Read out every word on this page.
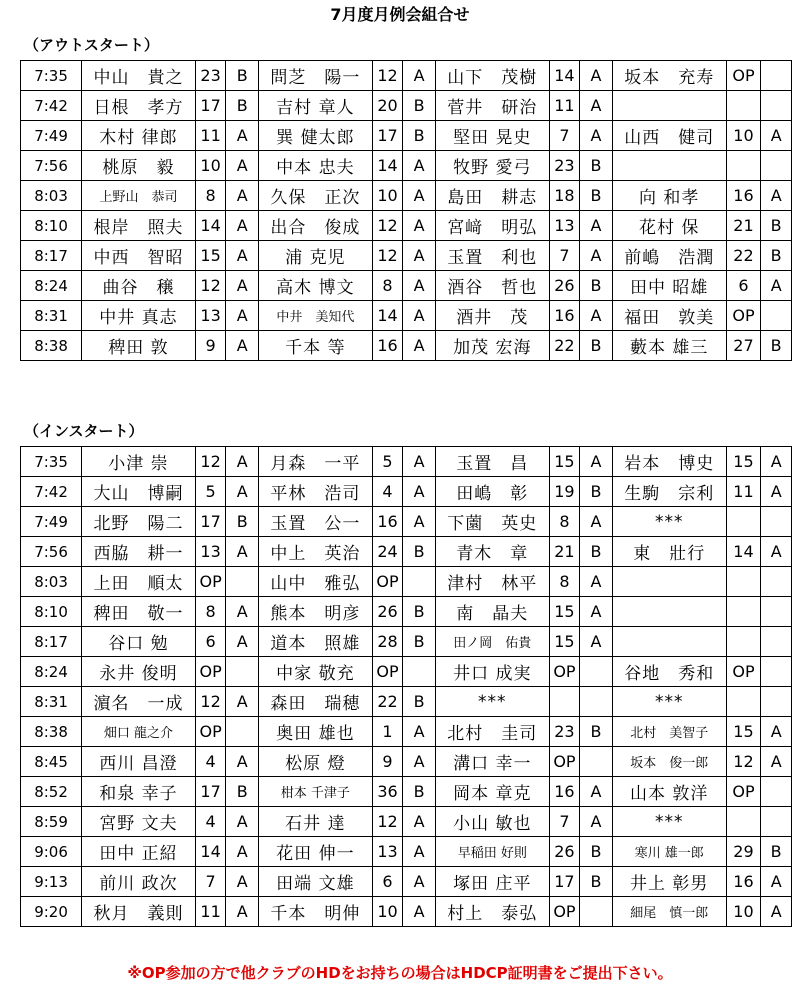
7月度月例会組合せ
（アウトスタート）
7:35	中山　貴之	23	B	問芝　陽一	12	A	山下　茂樹	14	A	坂本　充寿	OP	
7:42	日根　孝方	17	B	吉村 章人	20	B	菅井　研治	11	A			
7:49	木村 律郎	11	A	巽 健太郎	17	B	堅田 晃史	7	A	山西　健司	10	A
7:56	桃原　毅	10	A	中本 忠夫	14	A	牧野 愛弓	23	B			
8:03	上野山　恭司	8	A	久保　正次	10	A	島田　耕志	18	B	向 和孝	16	A
8:10	根岸　照夫	14	A	出合　俊成	12	A	宮﨑　明弘	13	A	花村 保	21	B
8:17	中西　智昭	15	A	浦 克児	12	A	玉置　利也	7	A	前嶋　浩潤	22	B
8:24	曲谷　穣	12	A	高木 博文	8	A	酒谷　哲也	26	B	田中 昭雄	6	A
8:31	中井 真志	13	A	中井　美知代	14	A	酒井　茂	16	A	福田　敦美	OP	
8:38	稗田 敦	9	A	千本 等	16	A	加茂 宏海	22	B	藪本 雄三	27	B
（インスタート）
7:35	小津 崇	12	A	月森　一平	5	A	玉置　昌	15	A	岩本　博史	15	A
7:42	大山　博嗣	5	A	平林　浩司	4	A	田嶋　彰	19	B	生駒　宗利	11	A
7:49	北野　陽二	17	B	玉置　公一	16	A	下薗　英史	8	A	***		
7:56	西脇　耕一	13	A	中上　英治	24	B	青木　章	21	B	東　壯行	14	A
8:03	上田　順太	OP		山中　雅弘	OP		津村　林平	8	A			
8:10	稗田　敬一	8	A	熊本　明彦	26	B	南　晶夫	15	A			
8:17	谷口 勉	6	A	道本　照雄	28	B	田ノ岡　佑貴	15	A			
8:24	永井 俊明	OP		中家 敬充	OP		井口 成実	OP		谷地　秀和	OP	
8:31	濵名　一成	12	A	森田　瑞穂	22	B	***			***		
8:38	畑口 龍之介	OP		奥田 雄也	1	A	北村　圭司	23	B	北村　美智子	15	A
8:45	西川 昌澄	4	A	松原 燈	9	A	溝口 幸一	OP		坂本　俊一郎	12	A
8:52	和泉 幸子	17	B	柑本 千津子	36	B	岡本 章克	16	A	山本 敦洋	OP	
8:59	宮野 文夫	4	A	石井 達	12	A	小山 敏也	7	A	***		
9:06	田中 正紹	14	A	花田 伸一	13	A	早稲田 好則	26	B	寒川 雄一郎	29	B
9:13	前川 政次	7	A	田端 文雄	6	A	塚田 庄平	17	B	井上 彰男	16	A
9:20	秋月　義則	11	A	千本　明伸	10	A	村上　泰弘	OP		細尾　慎一郎	10	A
※OP参加の方で他クラブのHDをお持ちの場合はHDCP証明書をご提出下さい。
